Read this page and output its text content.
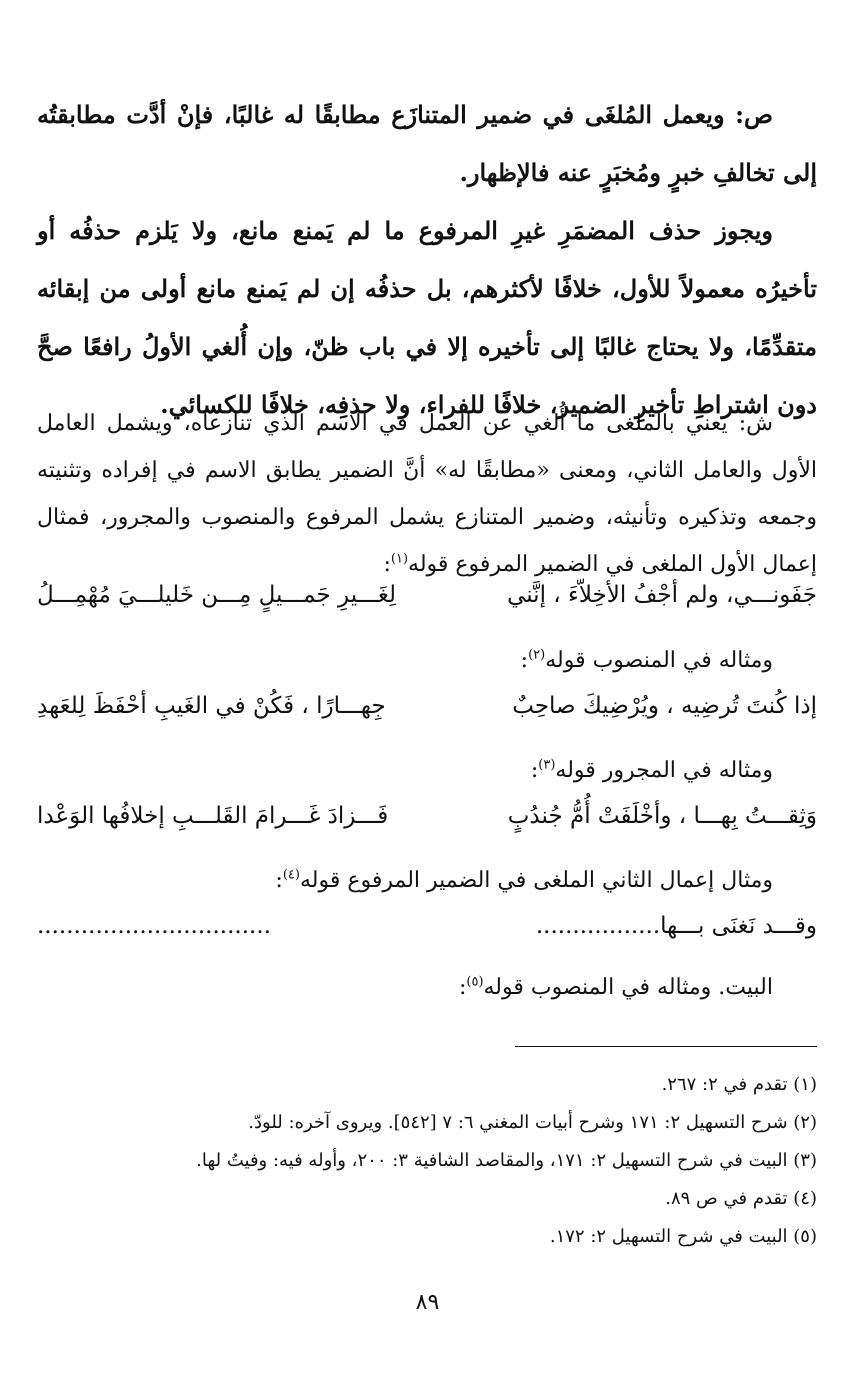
ص: ويعمل المُلغَى في ضمير المتنازَع مطابقًا له غالبًا، فإنْ أدَّت مطابقتُه إلى تخالفِ خبرٍ ومُخبَرٍ عنه فالإظهار.

ويجوز حذف المضمَرِ غيرِ المرفوع ما لم يَمنع مانع، ولا يَلزم حذفُه أو تأخيرُه معمولاً للأول، خلافًا لأكثرهم، بل حذفُه إن لم يَمنع مانع أولى من إبقائه متقدِّمًا، ولا يحتاج غالبًا إلى تأخيره إلا في باب ظنّ، وإن أُلغي الأولُ رافعًا صحَّ دون اشتراطِ تأخيرِ الضمير، خلافًا للفراء، ولا حذفِه، خلافًا للكسائي.

ش: يعني بالملغى ما أُلغي عن العمل في الاسم الذي تنازعاه، ويشمل العامل الأول والعامل الثاني، ومعنى «مطابقًا له» أنَّ الضمير يطابق الاسم في إفراده وتثنيته وجمعه وتذكيره وتأنيثه، وضمير المتنازع يشمل المرفوع والمنصوب والمجرور، فمثال إعمال الأول الملغى في الضمير المرفوع قوله$^{(١)}$:

جَفَونـــي، ولم أجْفُ الأخِلاّءَ ، إنَّني
لِغَـــيرِ جَمـــيلٍ مِـــن خَليلـــيَ مُهْمِـــلُ
ومثاله في المنصوب قوله$^{(٢)}$:
إذا كُنتَ تُرضِيه ، ويُرْضِيكَ صاحِبٌ
جِهـــارًا ، فَكُنْ في الغَيبِ أحْفَظَ لِلعَهدِ
ومثاله في المجرور قوله$^{(٣)}$:
وَثِقـــتُ بِهـــا ، وأخْلَفَتْ أُمُّ جُندُبٍ
فَـــزادَ غَـــرامَ القَلـــبِ إخلافُها الوَعْدا
ومثال إعمال الثاني الملغى في الضمير المرفوع قوله$^{(٤)}$:
وقـــد نَغنَى بـــها.................
................................
البيت. ومثاله في المنصوب قوله$^{(٥)}$:
(١) تقدم في ٢: ٢٦٧.
(٢) شرح التسهيل ٢: ١٧١ وشرح أبيات المغني ٦: ٧ [٥٤٢]. ويروى آخره: للودّ.
(٣) البيت في شرح التسهيل ٢: ١٧١، والمقاصد الشافية ٣: ٢٠٠، وأوله فيه: وفيتُ لها.
(٤) تقدم في ص ٨٩.
(٥) البيت في شرح التسهيل ٢: ١٧٢.
٨٩
